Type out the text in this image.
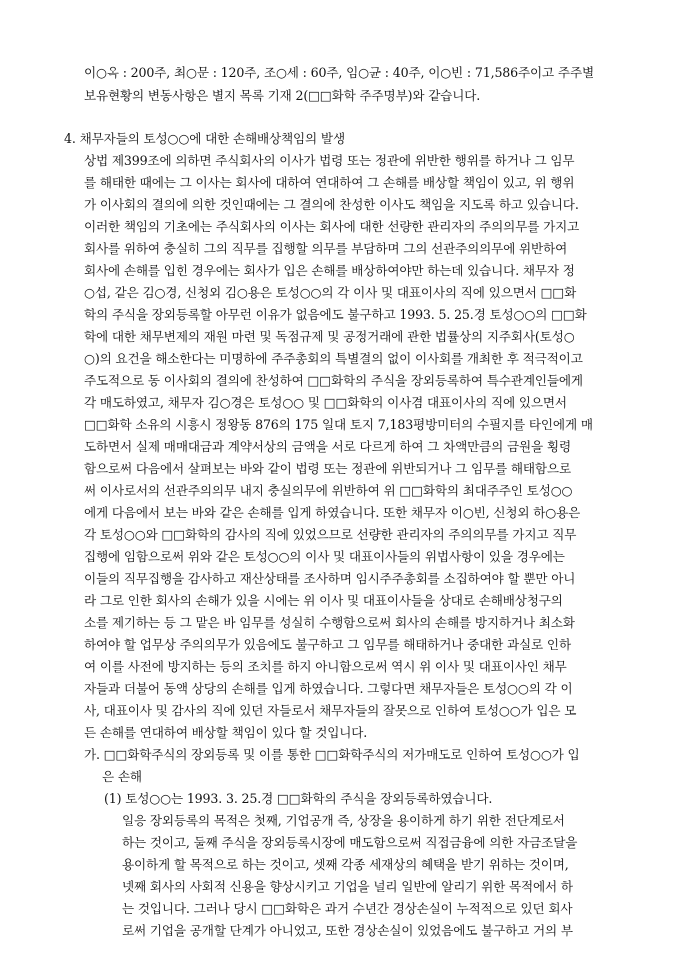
이○옥 : 200주, 최○문 : 120주, 조○세 : 60주, 임○균 : 40주, 이○빈 : 71,586주이고 주주별
보유현황의 변동사항은 별지 목록 기재 2(□□화학 주주명부)와 같습니다.
4. 채무자들의 토성○○에 대한 손해배상책임의 발생
상법 제399조에 의하면 주식회사의 이사가 법령 또는 정관에 위반한 행위를 하거나 그 임무
를 해태한 때에는 그 이사는 회사에 대하여 연대하여 그 손해를 배상할 책임이 있고, 위 행위
가 이사회의 결의에 의한 것인때에는 그 결의에 찬성한 이사도 책임을 지도록 하고 있습니다.
이러한 책임의 기초에는 주식회사의 이사는 회사에 대한 선량한 관리자의 주의의무를 가지고
회사를 위하여 충실히 그의 직무를 집행할 의무를 부담하며 그의 선관주의의무에 위반하여
회사에 손해를 입힌 경우에는 회사가 입은 손해를 배상하여야만 하는데 있습니다. 채무자 정
○섭, 같은 김○경, 신청외 김○용은 토성○○의 각 이사 및 대표이사의 직에 있으면서 □□화
학의 주식을 장외등록할 아무런 이유가 없음에도 불구하고 1993. 5. 25.경 토성○○의 □□화
학에 대한 채무변제의 재원 마련 및 독점규제 및 공정거래에 관한 법률상의 지주회사(토성○
○)의 요건을 해소한다는 미명하에 주주총회의 특별결의 없이 이사회를 개최한 후 적극적이고
주도적으로 동 이사회의 결의에 찬성하여 □□화학의 주식을 장외등록하여 특수관계인들에게
각 매도하였고, 채무자 김○경은 토성○○ 및 □□화학의 이사겸 대표이사의 직에 있으면서
□□화학 소유의 시흥시 정왕동 876의 175 일대 토지 7,183평방미터의 수필지를 타인에게 매
도하면서 실제 매매대금과 계약서상의 금액을 서로 다르게 하여 그 차액만큼의 금원을 횡령
함으로써 다음에서 살펴보는 바와 같이 법령 또는 정관에 위반되거나 그 임무를 해태함으로
써 이사로서의 선관주의의무 내지 충실의무에 위반하여 위 □□화학의 최대주주인 토성○○
에게 다음에서 보는 바와 같은 손해를 입게 하였습니다. 또한 채무자 이○빈, 신청외 하○용은
각 토성○○와 □□화학의 감사의 직에 있었으므로 선량한 관리자의 주의의무를 가지고 직무
집행에 임함으로써 위와 같은 토성○○의 이사 및 대표이사들의 위법사항이 있을 경우에는
이들의 직무집행을 감사하고 재산상태를 조사하며 임시주주총회를 소집하여야 할 뿐만 아니
라 그로 인한 회사의 손해가 있을 시에는 위 이사 및 대표이사들을 상대로 손해배상청구의
소를 제기하는 등 그 맡은 바 임무를 성실히 수행함으로써 회사의 손해를 방지하거나 최소화
하여야 할 업무상 주의의무가 있음에도 불구하고 그 임무를 해태하거나 중대한 과실로 인하
여 이를 사전에 방지하는 등의 조치를 하지 아니함으로써 역시 위 이사 및 대표이사인 채무
자들과 더불어 동액 상당의 손해를 입게 하였습니다. 그렇다면 채무자들은 토성○○의 각 이
사, 대표이사 및 감사의 직에 있던 자들로서 채무자들의 잘못으로 인하여 토성○○가 입은 모
든 손해를 연대하여 배상할 책임이 있다 할 것입니다.
가. □□화학주식의 장외등록 및 이를 통한 □□화학주식의 저가매도로 인하여 토성○○가 입
은 손해
(1) 토성○○는 1993. 3. 25.경 □□화학의 주식을 장외등록하였습니다.
일응 장외등록의 목적은 첫째, 기업공개 즉, 상장을 용이하게 하기 위한 전단계로서
하는 것이고, 둘째 주식을 장외등록시장에 매도함으로써 직접금융에 의한 자금조달을
용이하게 할 목적으로 하는 것이고, 셋째 각종 세재상의 혜택을 받기 위하는 것이며,
넷째 회사의 사회적 신용을 향상시키고 기업을 널리 일반에 알리기 위한 목적에서 하
는 것입니다. 그러나 당시 □□화학은 과거 수년간 경상손실이 누적적으로 있던 회사
로써 기업을 공개할 단계가 아니었고, 또한 경상손실이 있었음에도 불구하고 거의 부
